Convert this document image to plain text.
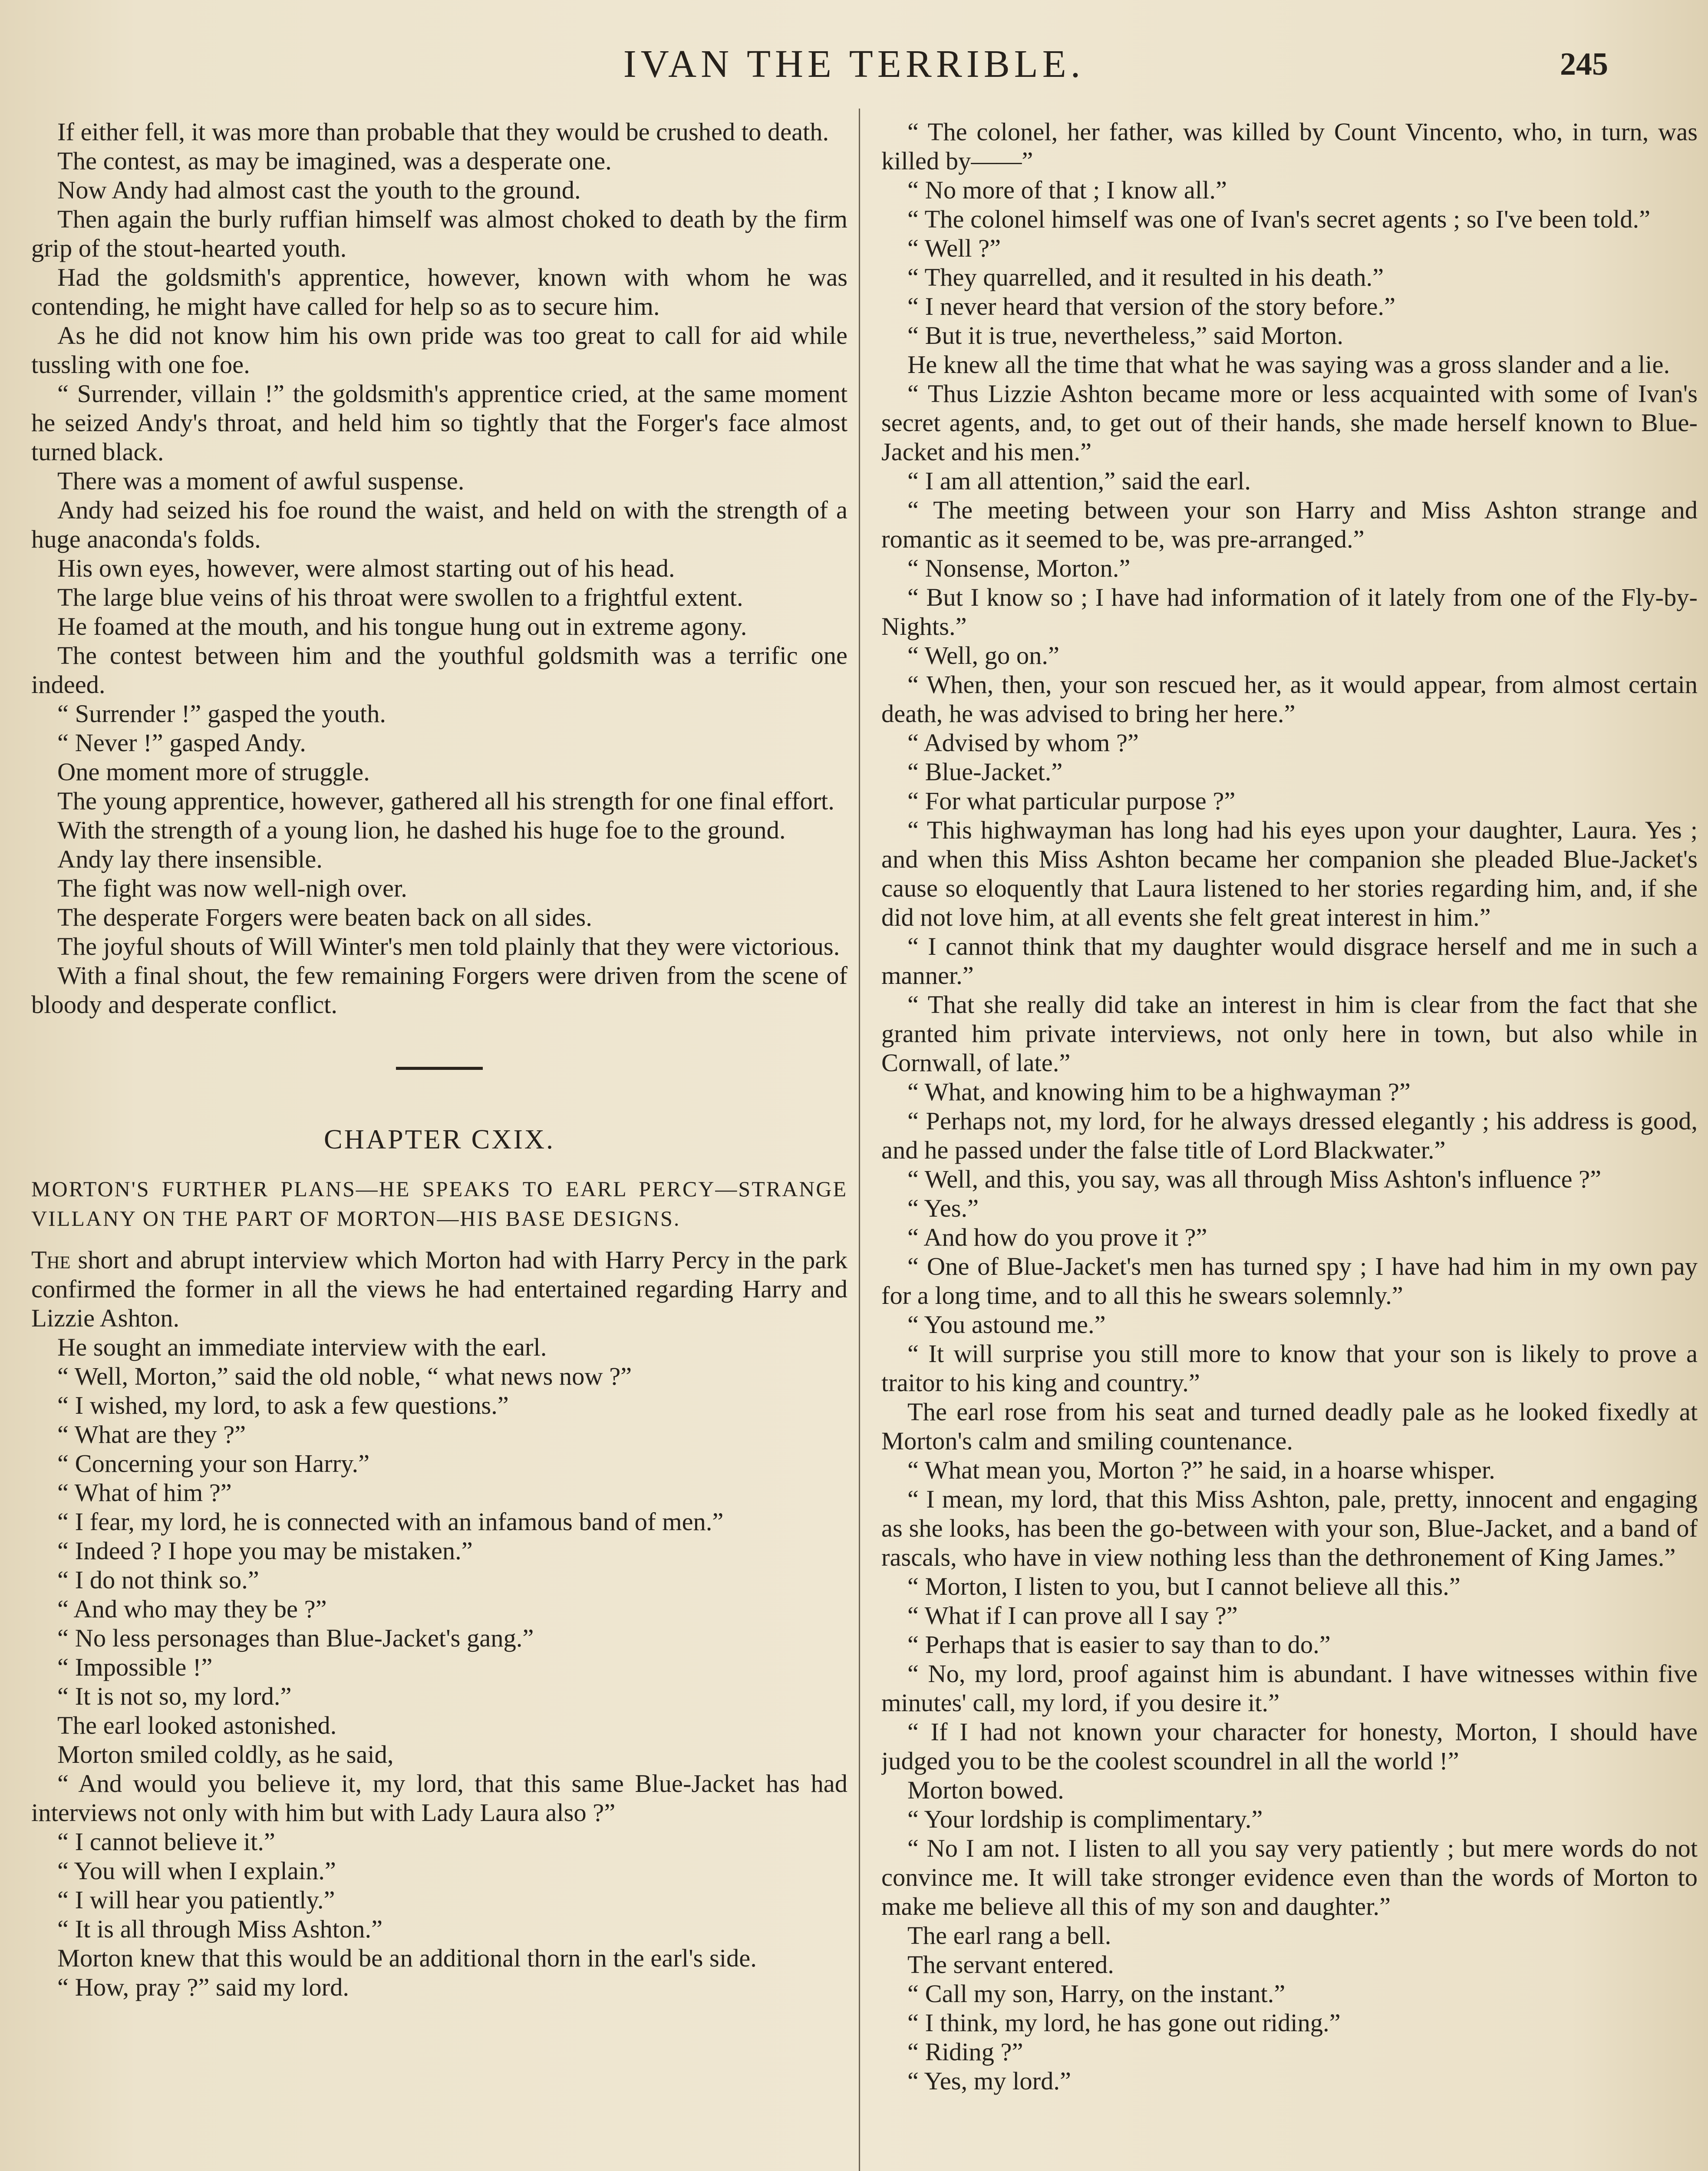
IVAN THE TERRIBLE.	245

If either fell, it was more than probable that they would be crushed to death.

The contest, as may be imagined, was a desperate one.

Now Andy had almost cast the youth to the ground.

Then again the burly ruffian himself was almost choked to death by the firm grip of the stout-hearted youth.

Had the goldsmith's apprentice, however, known with whom he was contending, he might have called for help so as to secure him.

As he did not know him his own pride was too great to call for aid while tussling with one foe.

“ Surrender, villain !” the goldsmith's apprentice cried, at the same moment he seized Andy's throat, and held him so tightly that the Forger's face almost turned black.

There was a moment of awful suspense.

Andy had seized his foe round the waist, and held on with the strength of a huge anaconda's folds.

His own eyes, however, were almost starting out of his head.

The large blue veins of his throat were swollen to a frightful extent.

He foamed at the mouth, and his tongue hung out in extreme agony.

The contest between him and the youthful goldsmith was a terrific one indeed.

“ Surrender !” gasped the youth.

“ Never !” gasped Andy.

One moment more of struggle.

The young apprentice, however, gathered all his strength for one final effort.

With the strength of a young lion, he dashed his huge foe to the ground.

Andy lay there insensible.

The fight was now well-nigh over.

The desperate Forgers were beaten back on all sides.

The joyful shouts of Will Winter's men told plainly that they were victorious.

With a final shout, the few remaining Forgers were driven from the scene of bloody and desperate conflict.

CHAPTER CXIX.

MORTON'S FURTHER PLANS—HE SPEAKS TO EARL PERCY—STRANGE VILLANY ON THE PART OF MORTON—HIS BASE DESIGNS.

The short and abrupt interview which Morton had with Harry Percy in the park confirmed the former in all the views he had entertained regarding Harry and Lizzie Ashton.

He sought an immediate interview with the earl.

“ Well, Morton,” said the old noble, “ what news now ?”

“ I wished, my lord, to ask a few questions.”

“ What are they ?”

“ Concerning your son Harry.”

“ What of him ?”

“ I fear, my lord, he is connected with an infamous band of men.”

“ Indeed ? I hope you may be mistaken.”

“ I do not think so.”

“ And who may they be ?”

“ No less personages than Blue-Jacket's gang.”

“ Impossible !”

“ It is not so, my lord.”

The earl looked astonished.

Morton smiled coldly, as he said,

“ And would you believe it, my lord, that this same Blue-Jacket has had interviews not only with him but with Lady Laura also ?”

“ I cannot believe it.”

“ You will when I explain.”

“ I will hear you patiently.”

“ It is all through Miss Ashton.”

Morton knew that this would be an additional thorn in the earl's side.

“ How, pray ?” said my lord.

“ The colonel, her father, was killed by Count Vincento, who, in turn, was killed by——”

“ No more of that ; I know all.”

“ The colonel himself was one of Ivan's secret agents ; so I've been told.”

“ Well ?”

“ They quarrelled, and it resulted in his death.”

“ I never heard that version of the story before.”

“ But it is true, nevertheless,” said Morton.

He knew all the time that what he was saying was a gross slander and a lie.

“ Thus Lizzie Ashton became more or less acquainted with some of Ivan's secret agents, and, to get out of their hands, she made herself known to Blue-Jacket and his men.”

“ I am all attention,” said the earl.

“ The meeting between your son Harry and Miss Ashton strange and romantic as it seemed to be, was pre-arranged.”

“ Nonsense, Morton.”

“ But I know so ; I have had information of it lately from one of the Fly-by-Nights.”

“ Well, go on.”

“ When, then, your son rescued her, as it would appear, from almost certain death, he was advised to bring her here.”

“ Advised by whom ?”

“ Blue-Jacket.”

“ For what particular purpose ?”

“ This highwayman has long had his eyes upon your daughter, Laura. Yes ; and when this Miss Ashton became her companion she pleaded Blue-Jacket's cause so eloquently that Laura listened to her stories regarding him, and, if she did not love him, at all events she felt great interest in him.”

“ I cannot think that my daughter would disgrace herself and me in such a manner.”

“ That she really did take an interest in him is clear from the fact that she granted him private interviews, not only here in town, but also while in Cornwall, of late.”

“ What, and knowing him to be a highwayman ?”

“ Perhaps not, my lord, for he always dressed elegantly ; his address is good, and he passed under the false title of Lord Blackwater.”

“ Well, and this, you say, was all through Miss Ashton's influence ?”

“ Yes.”

“ And how do you prove it ?”

“ One of Blue-Jacket's men has turned spy ; I have had him in my own pay for a long time, and to all this he swears solemnly.”

“ You astound me.”

“ It will surprise you still more to know that your son is likely to prove a traitor to his king and country.”

The earl rose from his seat and turned deadly pale as he looked fixedly at Morton's calm and smiling countenance.

“ What mean you, Morton ?” he said, in a hoarse whisper.

“ I mean, my lord, that this Miss Ashton, pale, pretty, innocent and engaging as she looks, has been the go-between with your son, Blue-Jacket, and a band of rascals, who have in view nothing less than the dethronement of King James.”

“ Morton, I listen to you, but I cannot believe all this.”

“ What if I can prove all I say ?”

“ Perhaps that is easier to say than to do.”

“ No, my lord, proof against him is abundant. I have witnesses within five minutes' call, my lord, if you desire it.”

“ If I had not known your character for honesty, Morton, I should have judged you to be the coolest scoundrel in all the world !”

Morton bowed.

“ Your lordship is complimentary.”

“ No I am not. I listen to all you say very patiently ; but mere words do not convince me. It will take stronger evidence even than the words of Morton to make me believe all this of my son and daughter.”

The earl rang a bell.

The servant entered.

“ Call my son, Harry, on the instant.”

“ I think, my lord, he has gone out riding.”

“ Riding ?”

“ Yes, my lord.”
